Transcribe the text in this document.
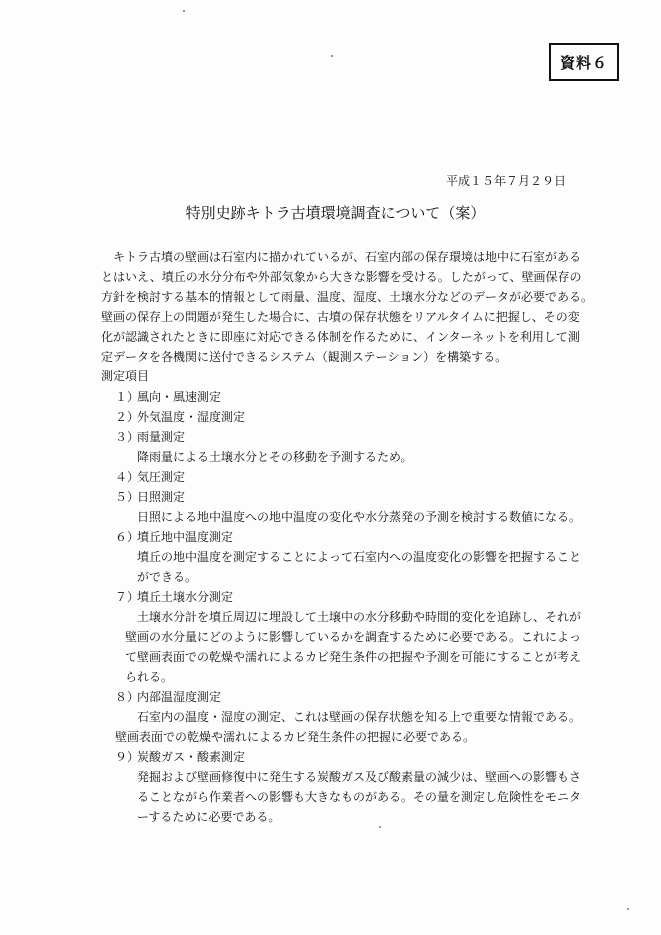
資料６
平成１５年７月２９日
特別史跡キトラ古墳環境調査について（案）
キトラ古墳の壁画は石室内に描かれているが、石室内部の保存環境は地中に石室がある
とはいえ、墳丘の水分分布や外部気象から大きな影響を受ける。したがって、壁画保存の
方針を検討する基本的情報として雨量、温度、湿度、土壌水分などのデータが必要である。
壁画の保存上の問題が発生した場合に、古墳の保存状態をリアルタイムに把握し、その変
化が認識されたときに即座に対応できる体制を作るために、インターネットを利用して測
定データを各機関に送付できるシステム（観測ステーション）を構築する。
測定項目
１）風向・風速測定
２）外気温度・湿度測定
３）雨量測定
降雨量による土壌水分とその移動を予測するため。
４）気圧測定
５）日照測定
日照による地中温度への地中温度の変化や水分蒸発の予測を検討する数値になる。
６）墳丘地中温度測定
墳丘の地中温度を測定することによって石室内への温度変化の影響を把握すること
ができる。
７）墳丘土壌水分測定
土壌水分計を墳丘周辺に埋設して土壌中の水分移動や時間的変化を追跡し、それが
壁画の水分量にどのように影響しているかを調査するために必要である。これによっ
て壁画表面での乾燥や濡れによるカビ発生条件の把握や予測を可能にすることが考え
られる。
８）内部温湿度測定
石室内の温度・湿度の測定、これは壁画の保存状態を知る上で重要な情報である。
壁画表面での乾燥や濡れによるカビ発生条件の把握に必要である。
９）炭酸ガス・酸素測定
発掘および壁画修復中に発生する炭酸ガス及び酸素量の減少は、壁画への影響もさ
ることながら作業者への影響も大きなものがある。その量を測定し危険性をモニタ
ーするために必要である。
